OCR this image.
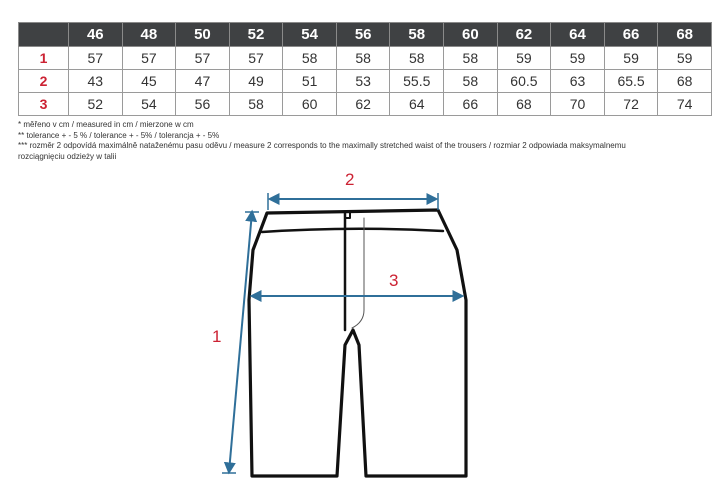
	46	48	50	52	54	56	58	60	62	64	66	68
1	57	57	57	57	58	58	58	58	59	59	59	59
2	43	45	47	49	51	53	55.5	58	60.5	63	65.5	68
3	52	54	56	58	60	62	64	66	68	70	72	74
* měřeno v cm / measured in cm / mierzone w cm
** tolerance + - 5 % / tolerance + - 5% / tolerancja + - 5%
*** rozměr 2 odpovídá maximálně nataženému pasu oděvu / measure 2 corresponds to the maximally stretched waist of the trousers / rozmiar 2 odpowiada maksymalnemu
rozciągnięciu odzieży w talii
1
2
3
